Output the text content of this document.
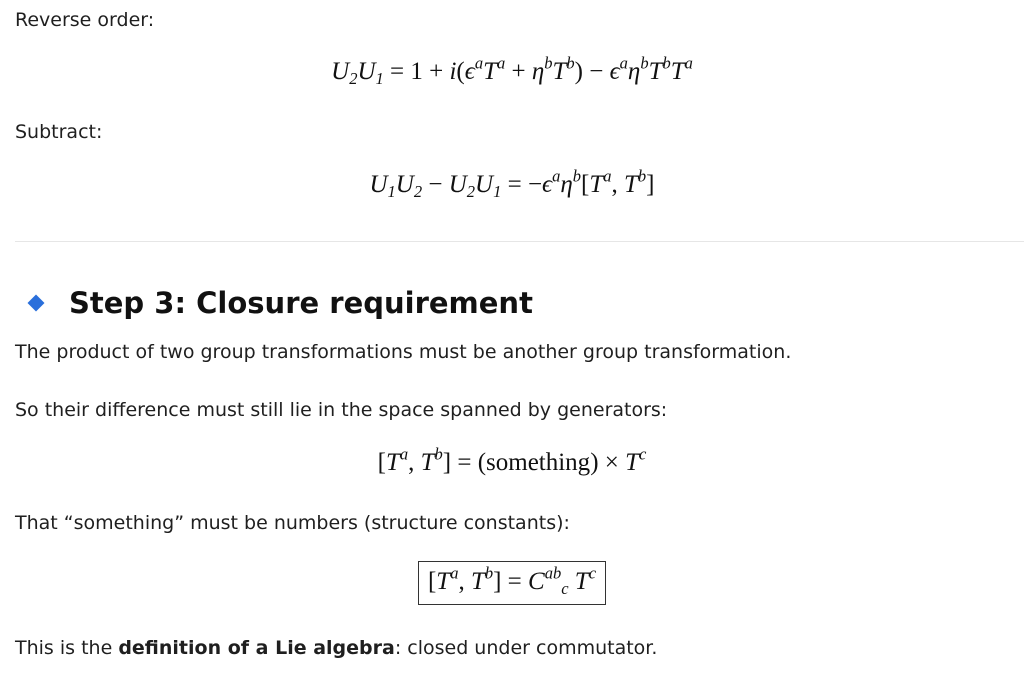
Reverse order:
$U_2U_1 = 1 + i(\epsilon^aT^a + \eta^bT^b) - \epsilon^a\eta^bT^bT^a$
Subtract:
$U_1U_2 - U_2U_1 = -\epsilon^a\eta^b[T^a$, $T^b$]
Step 3: Closure requirement
The product of two group transformations must be another group transformation.
So their difference must still lie in the space spanned by generators:
[$T^a$, $T^b$] = (something) × $T^c$
That “something” must be numbers (structure constants):
[$T^a$, $T^b] = C^{ab}_c$ $T^c$
This is the definition of a Lie algebra: closed under commutator.
